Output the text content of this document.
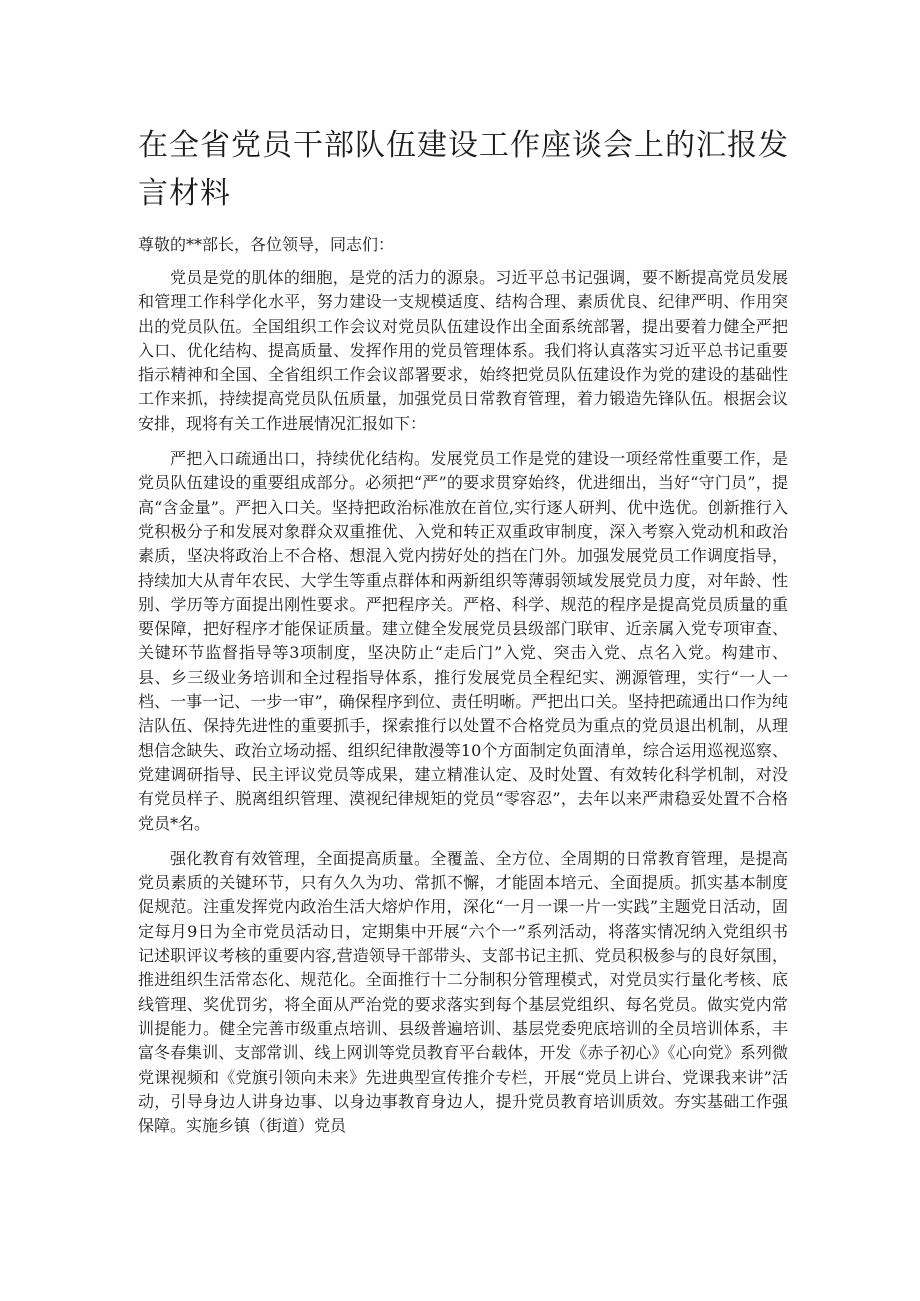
在全省党员干部队伍建设工作座谈会上的汇报发言材料

尊敬的**部长，各位领导，同志们：

党员是党的肌体的细胞，是党的活力的源泉。习近平总书记强调，要不断提高党员发展和管理工作科学化水平，努力建设一支规模适度、结构合理、素质优良、纪律严明、作用突出的党员队伍。全国组织工作会议对党员队伍建设作出全面系统部署，提出要着力健全严把入口、优化结构、提高质量、发挥作用的党员管理体系。我们将认真落实习近平总书记重要指示精神和全国、全省组织工作会议部署要求，始终把党员队伍建设作为党的建设的基础性工作来抓，持续提高党员队伍质量，加强党员日常教育管理，着力锻造先锋队伍。根据会议安排，现将有关工作进展情况汇报如下：

严把入口疏通出口，持续优化结构。发展党员工作是党的建设一项经常性重要工作，是党员队伍建设的重要组成部分。必须把“严”的要求贯穿始终，优进细出，当好“守门员”，提高“含金量”。严把入口关。坚持把政治标准放在首位,实行逐人研判、优中选优。创新推行入党积极分子和发展对象群众双重推优、入党和转正双重政审制度，深入考察入党动机和政治素质，坚决将政治上不合格、想混入党内捞好处的挡在门外。加强发展党员工作调度指导，持续加大从青年农民、大学生等重点群体和两新组织等薄弱领域发展党员力度，对年龄、性别、学历等方面提出刚性要求。严把程序关。严格、科学、规范的程序是提高党员质量的重要保障，把好程序才能保证质量。建立健全发展党员县级部门联审、近亲属入党专项审查、关键环节监督指导等3项制度，坚决防止“走后门”入党、突击入党、点名入党。构建市、县、乡三级业务培训和全过程指导体系，推行发展党员全程纪实、溯源管理，实行“一人一档、一事一记、一步一审”，确保程序到位、责任明晰。严把出口关。坚持把疏通出口作为纯洁队伍、保持先进性的重要抓手，探索推行以处置不合格党员为重点的党员退出机制，从理想信念缺失、政治立场动摇、组织纪律散漫等10个方面制定负面清单，综合运用巡视巡察、党建调研指导、民主评议党员等成果，建立精准认定、及时处置、有效转化科学机制，对没有党员样子、脱离组织管理、漠视纪律规矩的党员“零容忍”，去年以来严肃稳妥处置不合格党员*名。

强化教育有效管理，全面提高质量。全覆盖、全方位、全周期的日常教育管理，是提高党员素质的关键环节，只有久久为功、常抓不懈，才能固本培元、全面提质。抓实基本制度促规范。注重发挥党内政治生活大熔炉作用，深化“一月一课一片一实践”主题党日活动，固定每月9日为全市党员活动日，定期集中开展“六个一”系列活动，将落实情况纳入党组织书记述职评议考核的重要内容,营造领导干部带头、支部书记主抓、党员积极参与的良好氛围，推进组织生活常态化、规范化。全面推行十二分制积分管理模式，对党员实行量化考核、底线管理、奖优罚劣，将全面从严治党的要求落实到每个基层党组织、每名党员。做实党内常训提能力。健全完善市级重点培训、县级普遍培训、基层党委兜底培训的全员培训体系，丰富冬春集训、支部常训、线上网训等党员教育平台载体，开发《赤子初心》《心向党》系列微党课视频和《党旗引领向未来》先进典型宣传推介专栏，开展“党员上讲台、党课我来讲”活动，引导身边人讲身边事、以身边事教育身边人，提升党员教育培训质效。夯实基础工作强保障。实施乡镇（街道）党员
